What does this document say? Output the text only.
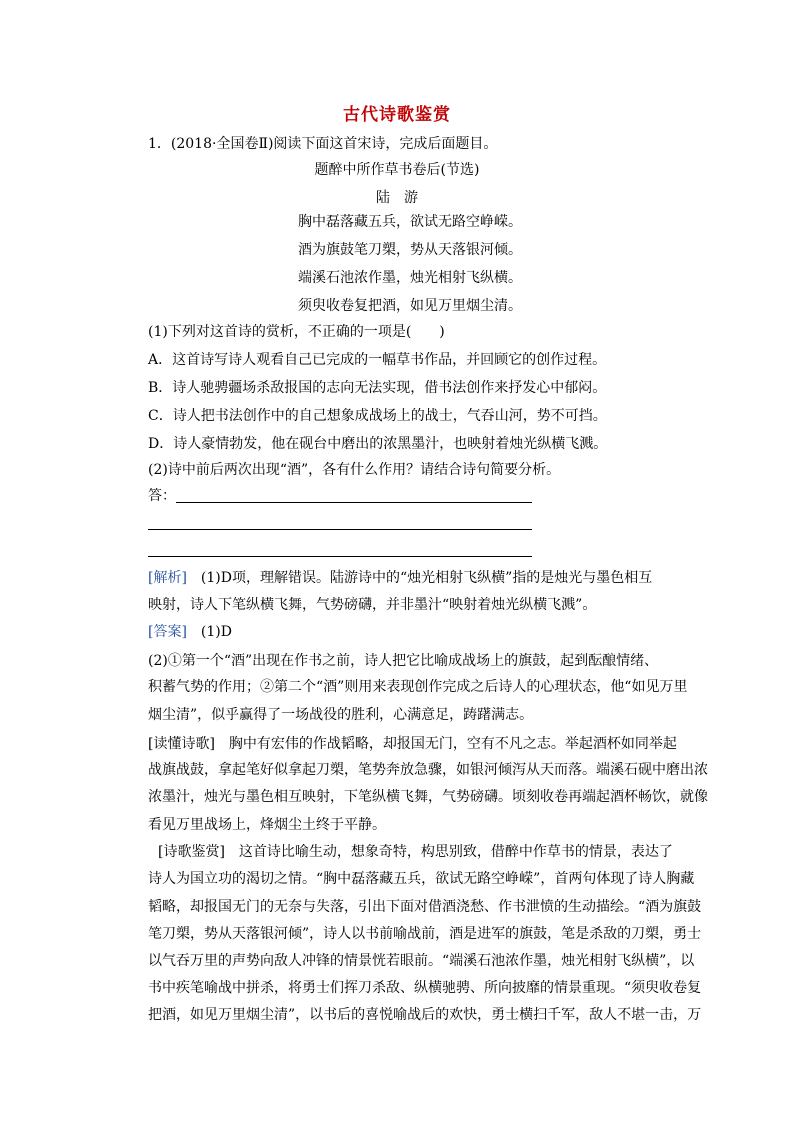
古代诗歌鉴赏
1．(2018·全国卷Ⅱ)阅读下面这首宋诗，完成后面题目。
题醉中所作草书卷后(节选)
陆　游
胸中磊落藏五兵，欲试无路空峥嵘。
酒为旗鼓笔刀槊，势从天落银河倾。
端溪石池浓作墨，烛光相射飞纵横。
须臾收卷复把酒，如见万里烟尘清。
(1)下列对这首诗的赏析，不正确的一项是(　　)
A．这首诗写诗人观看自己已完成的一幅草书作品，并回顾它的创作过程。
B．诗人驰骋疆场杀敌报国的志向无法实现，借书法创作来抒发心中郁闷。
C．诗人把书法创作中的自己想象成战场上的战士，气吞山河，势不可挡。
D．诗人豪情勃发，他在砚台中磨出的浓黑墨汁，也映射着烛光纵横飞溅。
(2)诗中前后两次出现“酒”，各有什么作用？请结合诗句简要分析。
答：
[解析]　(1)D项，理解错误。陆游诗中的“烛光相射飞纵横”指的是烛光与墨色相互
映射，诗人下笔纵横飞舞，气势磅礴，并非墨汁“映射着烛光纵横飞溅”。
[答案]　(1)D
(2)①第一个“酒”出现在作书之前，诗人把它比喻成战场上的旗鼓，起到酝酿情绪、
积蓄气势的作用；②第二个“酒”则用来表现创作完成之后诗人的心理状态，他“如见万里
烟尘清”，似乎赢得了一场战役的胜利，心满意足，踌躇满志。
[读懂诗歌]　胸中有宏伟的作战韬略，却报国无门，空有不凡之志。举起酒杯如同举起
战旗战鼓，拿起笔好似拿起刀槊，笔势奔放急骤，如银河倾泻从天而落。端溪石砚中磨出浓
浓墨汁，烛光与墨色相互映射，下笔纵横飞舞，气势磅礴。顷刻收卷再端起酒杯畅饮，就像
看见万里战场上，烽烟尘土终于平静。
[诗歌鉴赏]　这首诗比喻生动，想象奇特，构思别致，借醉中作草书的情景，表达了
诗人为国立功的渴切之情。“胸中磊落藏五兵，欲试无路空峥嵘”，首两句体现了诗人胸藏
韬略，却报国无门的无奈与失落，引出下面对借酒浇愁、作书泄愤的生动描绘。“酒为旗鼓
笔刀槊，势从天落银河倾”，诗人以书前喻战前，酒是进军的旗鼓，笔是杀敌的刀槊，勇士
以气吞万里的声势向敌人冲锋的情景恍若眼前。“端溪石池浓作墨，烛光相射飞纵横”，以
书中疾笔喻战中拼杀，将勇士们挥刀杀敌、纵横驰骋、所向披靡的情景重现。“须臾收卷复
把酒，如见万里烟尘清”，以书后的喜悦喻战后的欢快，勇士横扫千军，敌人不堪一击，万
